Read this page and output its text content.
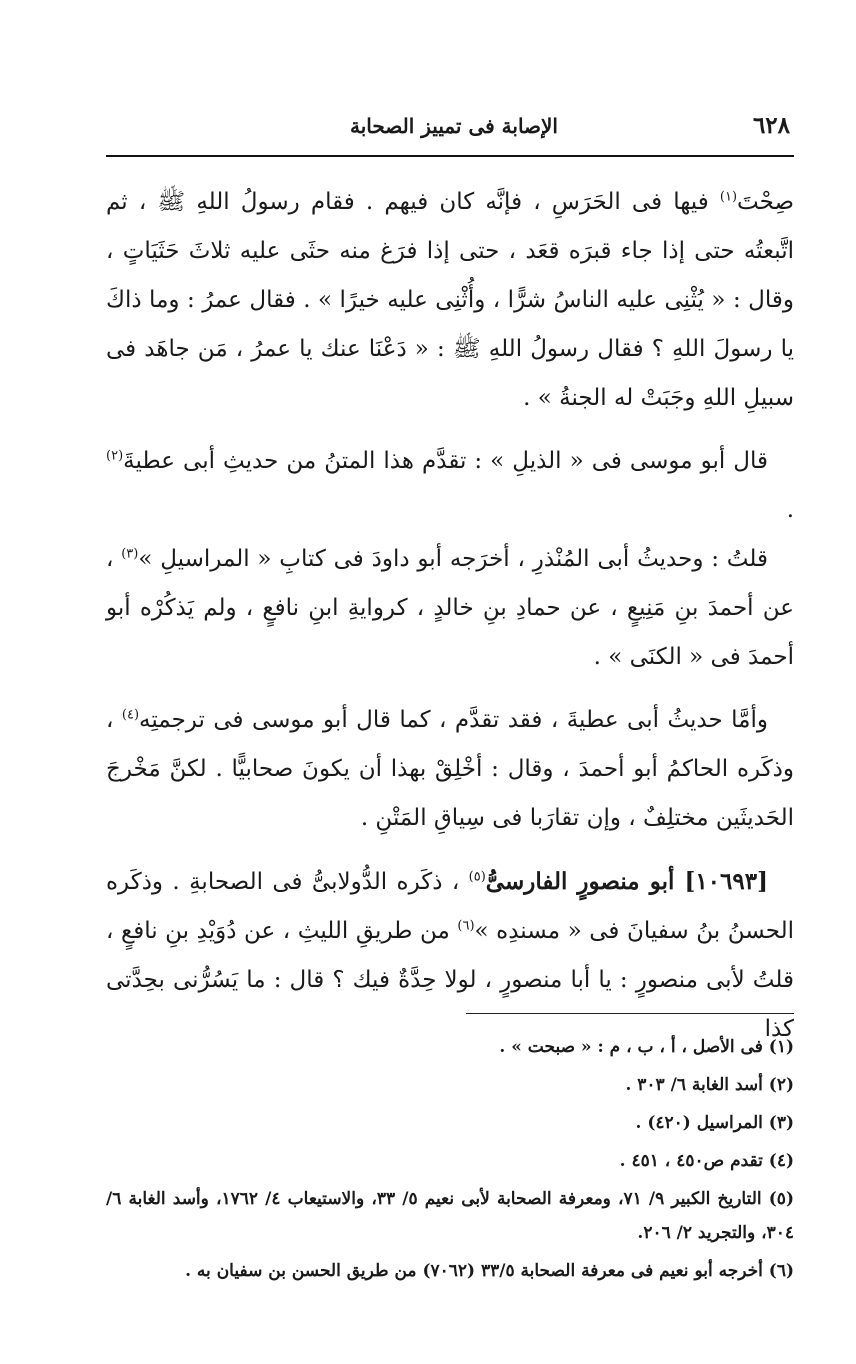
٦٢٨
الإصابة فى تمييز الصحابة

صِحْتَ$^{(١)}$ فيها فى الحَرَسِ ، فإنَّه كان فيهم . فقام رسولُ اللهِ ﷺ ، ثم اتَّبعتُه حتى إذا جاء قبرَه قعَد ، حتى إذا فرَغ منه حثَى عليه ثلاثَ حَثَيَاتٍ ، وقال : « يُثْنِى عليه الناسُ شرًّا ، وأُثْنِى عليه خيرًا » . فقال عمرُ : وما ذاكَ يا رسولَ اللهِ ؟ فقال رسولُ اللهِ ﷺ : « دَعْنَا عنك يا عمرُ ، مَن جاهَد فى سبيلِ اللهِ وجَبَتْ له الجنةُ » .

قال أبو موسى فى « الذيلِ » : تقدَّم هذا المتنُ من حديثِ أبى عطيةَ$^{(٢)}$ .

قلتُ : وحديثُ أبى المُنْذرِ ، أخرَجه أبو داودَ فى كتابِ « المراسيلِ »$^{(٣)}$ ، عن أحمدَ بنِ مَنِيعٍ ، عن حمادِ بنِ خالدٍ ، كروايةِ ابنِ نافعٍ ، ولم يَذكُرْه أبو أحمدَ فى « الكنَى » .

وأمَّا حديثُ أبى عطيةَ ، فقد تقدَّم ، كما قال أبو موسى فى ترجمتِه$^{(٤)}$ ، وذكَره الحاكمُ أبو أحمدَ ، وقال : أخْلِقْ بهذا أن يكونَ صحابيًّا . لكنَّ مَخْرجَ الحَديثَين مختلِفٌ ، وإن تقارَبا فى سِياقِ المَتْنِ .

[١٠٦٩٣] أبو منصورٍ الفارسىُّ$^{(٥)}$ ، ذكَره الدُّولابىُّ فى الصحابةِ . وذكَره الحسنُ بنُ سفيانَ فى « مسندِه »$^{(٦)}$ من طريقِ الليثِ ، عن دُوَيْدِ بنِ نافعٍ ، قلتُ لأبى منصورٍ : يا أبا منصورٍ ، لولا حِدَّةٌ فيك ؟ قال : ما يَسُرُّنى بحِدَّتى كذا

(١) فى الأصل ، أ ، ب ، م : « صبحت » .

(٢) أسد الغابة ٦/ ٣٠٣ .

(٣) المراسيل (٤٢٠) .

(٤) تقدم ص٤٥٠ ، ٤٥١ .

(٥) التاريخ الكبير ٩/ ٧١، ومعرفة الصحابة لأبى نعيم ٥/ ٣٣، والاستيعاب ٤/ ١٧٦٢، وأسد الغابة ٦/ ٣٠٤، والتجريد ٢/ ٢٠٦.

(٦) أخرجه أبو نعيم فى معرفة الصحابة ٣٣/٥ (٧٠٦٢) من طريق الحسن بن سفيان به .
